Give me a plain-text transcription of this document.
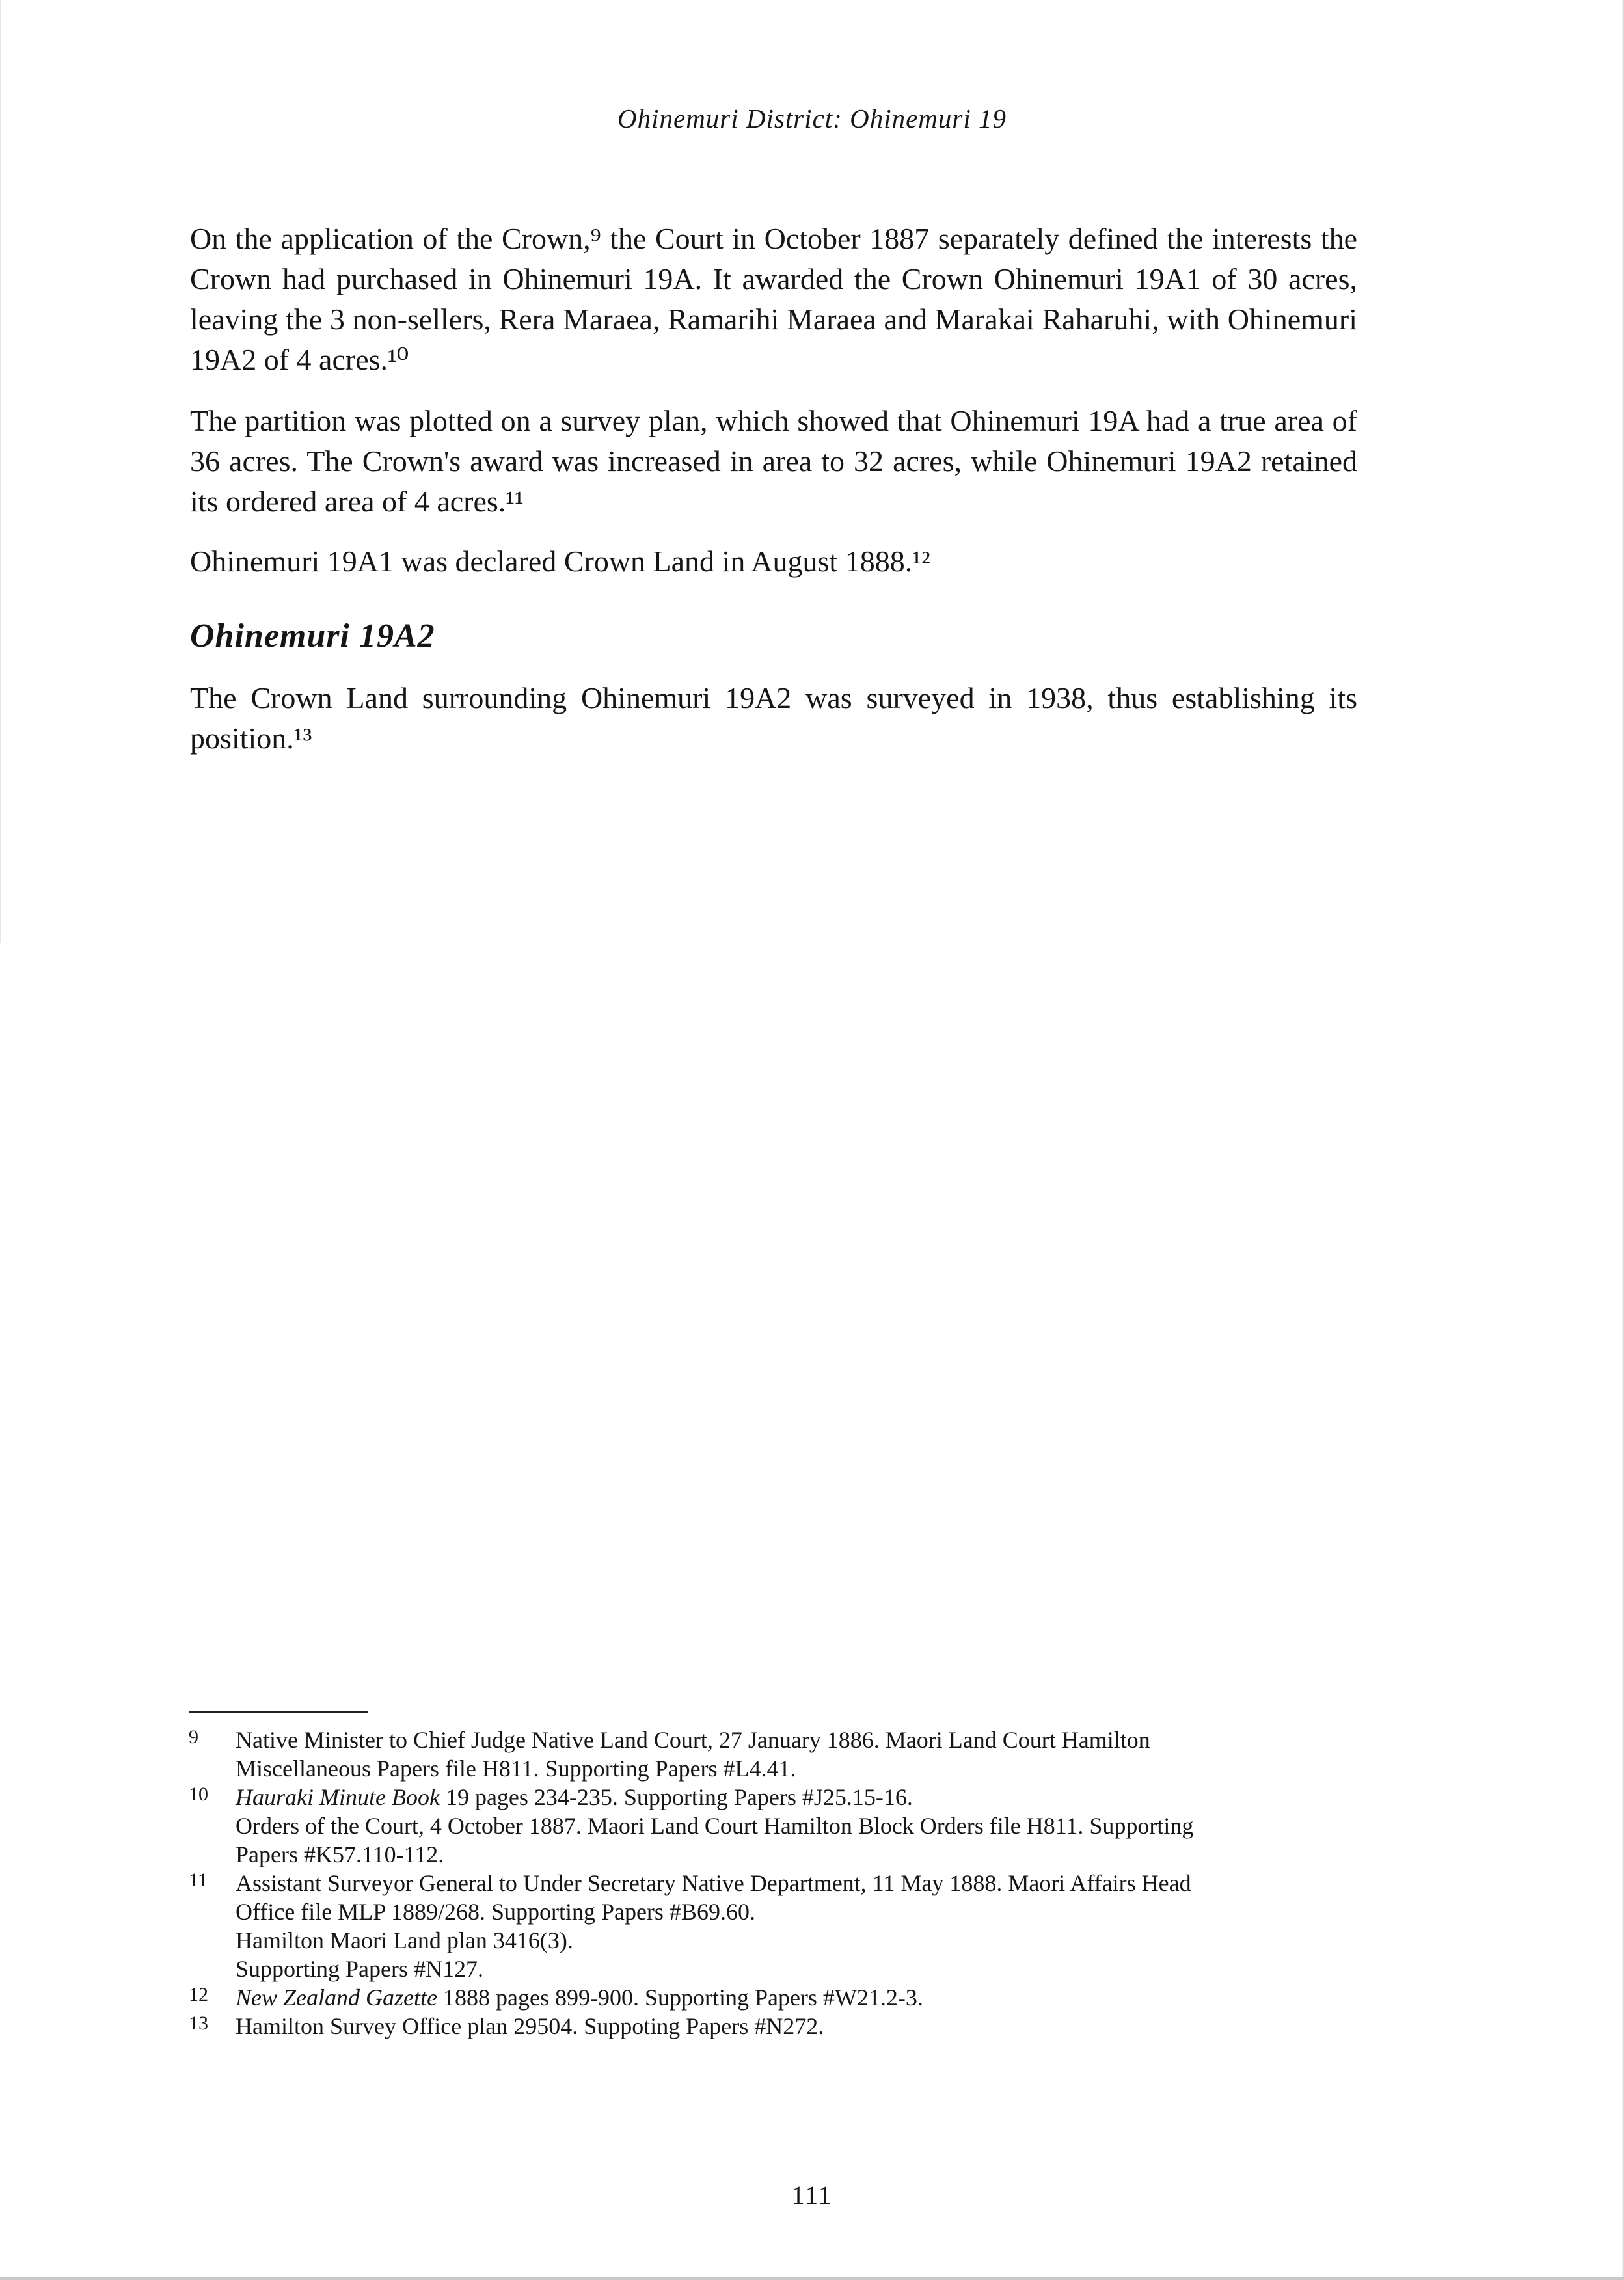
Ohinemuri District: Ohinemuri 19

On the application of the Crown,⁹ the Court in October 1887 separately defined the interests the Crown had purchased in Ohinemuri 19A. It awarded the Crown Ohinemuri 19A1 of 30 acres, leaving the 3 non-sellers, Rera Maraea, Ramarihi Maraea and Marakai Raharuhi, with Ohinemuri 19A2 of 4 acres.¹⁰

The partition was plotted on a survey plan, which showed that Ohinemuri 19A had a true area of 36 acres. The Crown's award was increased in area to 32 acres, while Ohinemuri 19A2 retained its ordered area of 4 acres.¹¹

Ohinemuri 19A1 was declared Crown Land in August 1888.¹²

Ohinemuri 19A2

The Crown Land surrounding Ohinemuri 19A2 was surveyed in 1938, thus establishing its position.¹³

9	Native Minister to Chief Judge Native Land Court, 27 January 1886. Maori Land Court Hamilton
Miscellaneous Papers file H811. Supporting Papers #L4.41.
10	Hauraki Minute Book 19 pages 234-235. Supporting Papers #J25.15-16.
Orders of the Court, 4 October 1887. Maori Land Court Hamilton Block Orders file H811. Supporting
Papers #K57.110-112.
11	Assistant Surveyor General to Under Secretary Native Department, 11 May 1888. Maori Affairs Head
Office file MLP 1889/268. Supporting Papers #B69.60.
Hamilton Maori Land plan 3416(3).
Supporting Papers #N127.
12	New Zealand Gazette 1888 pages 899-900. Supporting Papers #W21.2-3.
13	Hamilton Survey Office plan 29504. Suppoting Papers #N272.
111
